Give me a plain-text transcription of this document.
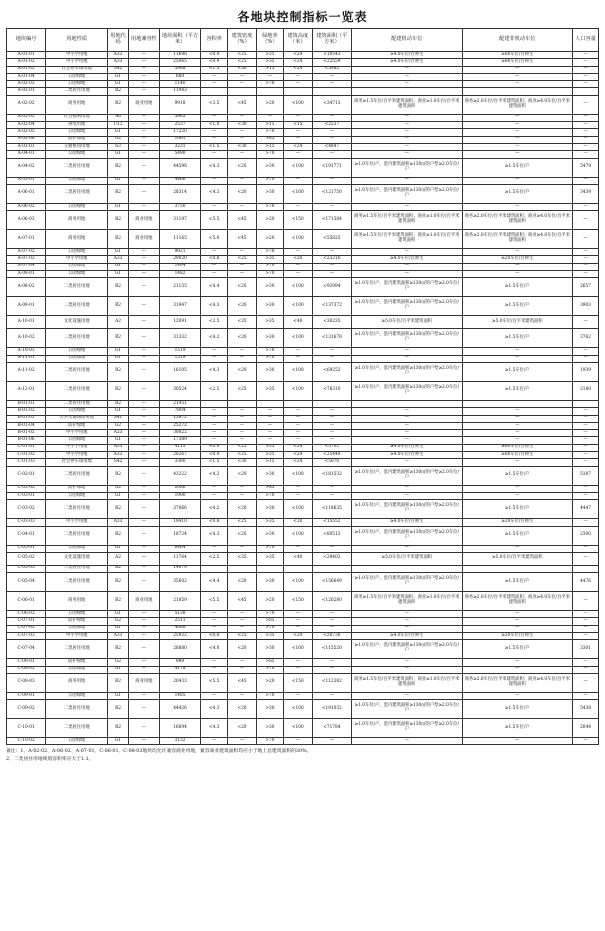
各地块控制指标一览表
地块编号	用地性质	用地代码	用地兼容性	地块面积（平方米）	容积率	建筑密度（%）	绿地率（%）	建筑高度（米）	建筑面积（平方米）	配建机动车位	配建非机动车位	人口容量
A-01-01	中小学用地	A33	—	11698	<0.9	<25	>35	<24	<10542	≥4.0车位/百师生	≥80车位/百师生	—
A-01-02	中小学用地	A33	—	25065	<0.9	<25	>35	<24	<22559	≥4.0车位/百师生	≥80车位/百师生	—
A-01-03	社会停车场用地	S42	—	5988	<1.5	<30	>15	<24	<5982	—	—	—
A-01-04	公园绿地	G1	—	660	—	—	—	—	—	—	—	—
A-02-03	公园绿地	G1	—	1140	—	—	>70	—	—	—	—	—
A-02-01	二类居住用地	R2	—	11943								
A-02-02	商务用地	B2	商业用地	9918	<3.5	<45	>20	<100	<34713	商务≥1.5车位/百平米建筑面积；商业≥1.0车位/百平米建筑面积	商务≥2.0车位/百平米建筑面积；商业≥4.0车位/百平米建筑面积	—
A-02-03	社会福利用地	A6	—	5963	—	—	—	—	—	—	—	—
A-02-04	供电用地	U12	—	2537	<1.0	<30	>15	<15	<2537	—	—	—
A-02-05	公园绿地	G1	—	17220	—	—	>70	—	—	—	—	—
A-02-06	防护绿地	G2	—	1061	—	—	>85	—	—	—	—	—
A-03-01	交通枢纽用地	S3	—	3231	<1.5	<30	>15	<24	<4847	—	—	—
A-04-01	公园绿地	G1	—	5490	—	—	>70	—	—	—	—	—
A-04-02	二类居住用地	R2	—	44598	<4.3	<20	>30	<100	<191771	≥1.0车位/户，套内建筑面积≥130㎡的户型≥2.0车位/户	≥1.5车位/户	5479
A-05-01	公园绿地	G1	—	4466	—	—	>70	—	—	—	—	—
A-06-01	二类居住用地	R2	—	28314	<4.3	<20	>30	<100	<121750	≥1.0车位/户，套内建筑面积≥130㎡的户型≥2.0车位/户	≥1.5车位/户	3439
A-06-02	公园绿地	G1	—	3750	—	—	>70	—	—	—	—	—
A-06-03	商务用地	B2	商业用地	31197	<5.5	<45	>20	<150	<171584	商务≥1.5车位/百平米建筑面积；商业≥1.0车位/百平米建筑面积	商务≥2.0车位/百平米建筑面积；商业≥4.0车位/百平米建筑面积	—
A-07-01	商务用地	B2	商业用地	11165	<5.0	<45	>20	<100	<55825	商务≥1.5车位/百平米建筑面积；商业≥1.0车位/百平米建筑面积	商务≥2.0车位/百平米建筑面积；商业≥4.0车位/百平米建筑面积	—
A-07-02	公园绿地	G1	—	9921	—	—	>70	—	—	—	—	—
A-07-03	中小学用地	A33	—	29020	<0.8	<25	>35	<20	<23216	≥4.0车位/百师生	≥20车位/百师生	—
A-07-04	公园绿地	G1	—	1494	—	—	>70	—	—	—	—	—
A-08-01	公园绿地	G1	—	1482	—	—	>70	—	—	—	—	—
A-08-02	二类居住用地	R2	—	21135	<4.4	<20	>30	<100	<92994	≥1.0车位/户，套内建筑面积≥130㎡的户型≥2.0车位/户	≥1.5车位/户	2657
A-09-01	二类居住用地	R2	—	31947	<4.3	<20	>30	<100	<137372	≥1.0车位/户，套内建筑面积≥130㎡的户型≥2.0车位/户	≥1.5车位/户	3903
A-10-01	文化设施用地	A2	—	12091	<2.5	<35	>35	<40	<30235	≥5.0车位/百平米建筑面积	≥5.0车位/百平米建筑面积	—
A-10-02	二类居住用地	R2	—	31332	<4.2	<20	>30	<100	<131678	≥1.0车位/户，套内建筑面积≥130㎡的户型≥2.0车位/户	≥1.5车位/户	3762
A-10-03	公园绿地	G1	—	1519	—	—	>70	—	—	—	—	—
A-11-01	公园绿地	G1	—	1519	—	—	>70	—	—	—	—	—
A-11-02	二类居住用地	R2	—	16105	<4.3	<20	>30	<100	<69252	≥1.0车位/户，套内建筑面积≥130㎡的户型≥2.0车位/户	≥1.5车位/户	1939
A-12-01	二类居住用地	R2	—	30524	<2.5	<25	>35	<100	<76310	≥1.0车位/户，套内建筑面积≥130㎡的户型≥2.0车位/户	≥1.5车位/户	2180
B-01-01	二类居住用地	R2	—	21951								
B-01-02	公园绿地	G1	—	7804	—	—	—	—	—	—	—	—
B-01-03	公共交通场站用地	S41	—	13872	—	—	—	—	—	—	—	—
B-01-04	防护绿地	G2	—	25272	—	—	—	—	—	—	—	—
B-01-05	中小学用地	A33	—	30022	—	—	—	—	—	—	—	—
B-01-06	公园绿地	G1	—	17389	—	—	—	—	—	—	—	—
C-01-01	中小学用地	A33	—	4113	<0.9	<25	>35	<24	<3702	≥4.0车位/百师生	≥80车位/百师生	—
C-01-02	中小学用地	A33	—	28267	<0.9	<25	>35	<24	<25440	≥4.0车位/百师生	≥80车位/百师生	—
C-01-03	社会停车场用地	S42	—	3380	<1.5	<30	>15	<24	<5070	—	—	—
C-02-01	二类居住用地	R2	—	43222	<4.2	<20	>30	<100	<181532	≥1.0车位/户，套内建筑面积≥130㎡的户型≥2.0车位/户	≥1.5车位/户	5187
C-02-02	防护绿地	G2	—	2086	—	—	>85	—	—	—	—	—
C-03-01	公园绿地	G1	—	1900	—	—	>70	—	—	—	—	—
C-03-02	二类居住用地	R2	—	37066	<4.2	<20	>30	<100	<118635	≥1.0车位/户，套内建筑面积≥130㎡的户型≥2.0车位/户	≥1.5车位/户	4447
C-03-03	中小学用地	A33	—	19410	<0.8	<25	>35	<20	<15552	≥4.0车位/百师生	≥20车位/百师生	—
C-04-01	二类居住用地	R2	—	18724	<4.3	<20	>30	<100	<80513	≥1.0车位/户，套内建筑面积≥130㎡的户型≥2.0车位/户	≥1.5车位/户	2300
C-05-01	公园绿地	G1	—	6464	—	—	>70	—	—	—	—	—
C-05-02	文化设施用地	A2	—	11764	<2.5	<35	>35	<40	<29403	≥5.0车位/百平米建筑面积	≥5.0车位/百平米建筑面积	—
C-05-03	二类居住用地	R2	—	14079								
C-05-04	二类居住用地	R2	—	35602	<4.4	<20	>30	<100	<156649	≥1.0车位/户，套内建筑面积≥130㎡的户型≥2.0车位/户	≥1.5车位/户	4476
C-06-01	商务用地	B2	商业用地	21859	<5.5	<45	>20	<150	<120280	商务≥1.5车位/百平米建筑面积；商业≥1.0车位/百平米建筑面积	商务≥2.0车位/百平米建筑面积；商业≥4.0车位/百平米建筑面积	—
C-06-02	公园绿地	G1	—	5138	—	—	>70	—	—	—	—	—
C-07-01	防护绿地	G2	—	2511	—	—	>85	—	—	—	—	—
C-07-02	公园绿地	G1	—	4088	—	—	>70	—	—	—	—	—
C-07-03	中小学用地	A33	—	25922	<0.8	<25	>35	<20	<20738	≥4.0车位/百师生	≥20车位/百师生	—
C-07-04	二类居住用地	R2	—	28880	<4.0	<20	>30	<100	<115520	≥1.0车位/户，套内建筑面积≥130㎡的户型≥2.0车位/户	≥1.5车位/户	3301
C-08-01	防护绿地	G2	—	989	—	—	>85	—	—	—	—	—
C-08-02	公园绿地	G1	—	4178	—	—	>70	—	—	—	—	—
C-08-03	商务用地	B2	商业用地	20433	<5.5	<45	>20	<150	<112382	商务≥1.5车位/百平米建筑面积；商业≥1.0车位/百平米建筑面积	商务≥2.0车位/百平米建筑面积；商业≥4.0车位/百平米建筑面积	—
C-09-01	公园绿地	G1	—	1485	—	—	>70	—	—	—	—	—
C-09-02	二类居住用地	R2	—	44426	<4.3	<20	>30	<100	<191032	≥1.0车位/户，套内建筑面积≥130㎡的户型≥2.0车位/户	≥1.5车位/户	5438
C-10-01	二类居住用地	R2	—	16694	<4.3	<20	>30	<100	<71784	≥1.0车位/户，套内建筑面积≥130㎡的户型≥2.0车位/户	≥1.5车位/户	2044
C-10-02	公园绿地	G1	—	3132	—	—	>70	—	—	—	—	—
备注：1、A-02-02、A-06-02、A-07-01、C-06-01、C-08-03地块均允许兼容商业用地，兼容商业建筑面积均应小于地上总建筑面积的30%。
2、二类居住用地规划容积率应大于1.1。
